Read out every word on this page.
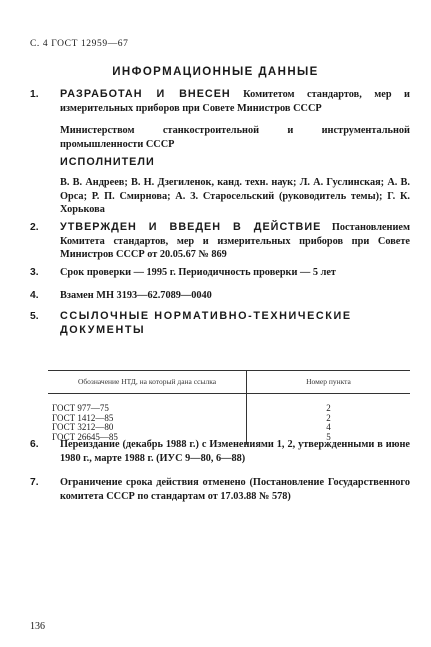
С. 4 ГОСТ 12959—67
ИНФОРМАЦИОННЫЕ ДАННЫЕ
1. РАЗРАБОТАН И ВНЕСЕН Комитетом стандартов, мер и измерительных приборов при Совете Министров СССР
Министерством станкостроительной и инструментальной промышленности СССР
ИСПОЛНИТЕЛИ
В. В. Андреев; В. Н. Дзегиленок, канд. техн. наук; Л. А. Гуслинская; А. В. Орса; Р. П. Смирнова; А. З. Старосельский (руководитель темы); Г. К. Хорькова
2. УТВЕРЖДЕН И ВВЕДЕН В ДЕЙСТВИЕ Постановлением Комитета стандартов, мер и измерительных приборов при Совете Министров СССР от 20.05.67 № 869
3. Срок проверки — 1995 г. Периодичность проверки — 5 лет
4. Взамен МН 3193—62.7089—0040
5. ССЫЛОЧНЫЕ НОРМАТИВНО-ТЕХНИЧЕСКИЕ ДОКУМЕНТЫ
Обозначение НТД, на который дана ссылка	Номер пункта
ГОСТ 977—75	2
ГОСТ 1412—85	2
ГОСТ 3212—80	4
ГОСТ 26645—85	5
6. Переиздание (декабрь 1988 г.) с Изменениями 1, 2, утвержденными в июне 1980 г., марте 1988 г. (ИУС 9—80, 6—88)
7. Ограничение срока действия отменено (Постановление Государственного комитета СССР по стандартам от 17.03.88 № 578)
136
